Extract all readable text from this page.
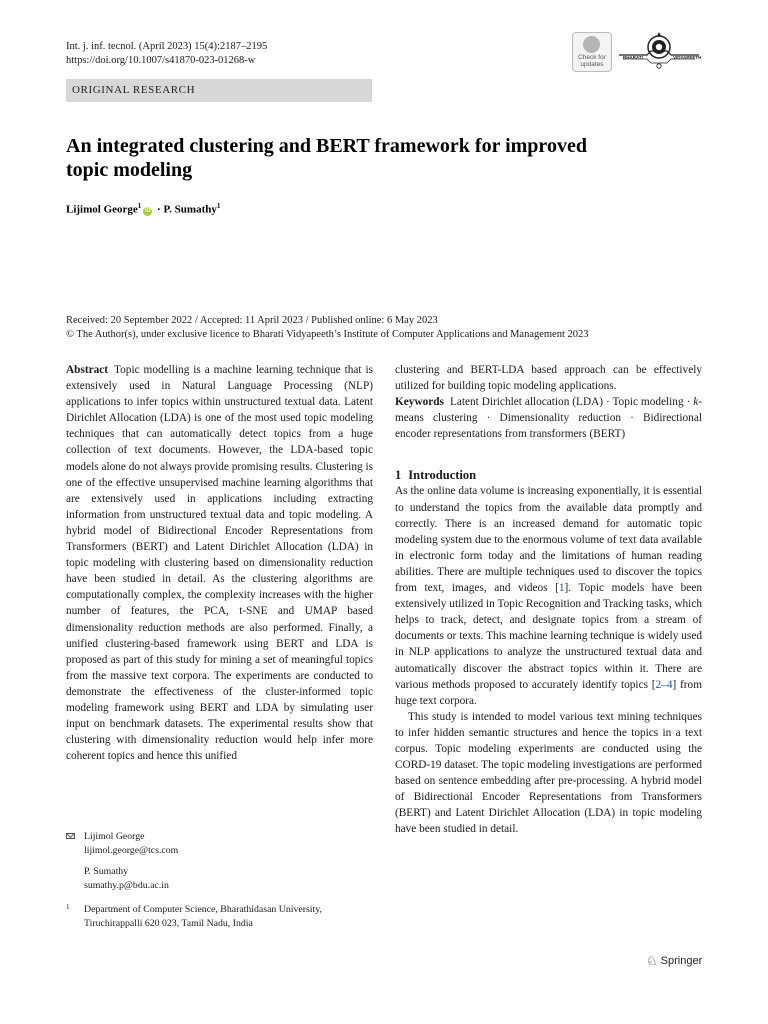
Int. j. inf. tecnol. (April 2023) 15(4):2187–2195
https://doi.org/10.1007/s41870-023-01268-w	Check for
updates
BHARATI	VIDYAPEETH
ORIGINAL RESEARCH
An integrated clustering and BERT framework for improved
topic modeling
Lijimol George$^1$iD · P. Sumathy$^1$
Received: 20 September 2022 / Accepted: 11 April 2023 / Published online: 6 May 2023
© The Author(s), under exclusive licence to Bharati Vidyapeeth’s Institute of Computer Applications and Management 2023

Abstract Topic modelling is a machine learning technique that is extensively used in Natural Language Processing (NLP) applications to infer topics within unstructured textual data. Latent Dirichlet Allocation (LDA) is one of the most used topic modeling techniques that can automatically detect topics from a huge collection of text documents. However, the LDA-based topic models alone do not always provide promising results. Clustering is one of the effective unsupervised machine learning algorithms that are extensively used in applications including extracting information from unstructured textual data and topic modeling. A hybrid model of Bidirectional Encoder Representations from Transformers (BERT) and Latent Dirichlet Allocation (LDA) in topic modeling with clustering based on dimensionality reduction have been studied in detail. As the clustering algorithms are computationally complex, the complexity increases with the higher number of features, the PCA, t-SNE and UMAP based dimensionality reduction methods are also performed. Finally, a unified clustering-based framework using BERT and LDA is proposed as part of this study for mining a set of meaningful topics from the massive text corpora. The experiments are conducted to demonstrate the effectiveness of the cluster-informed topic modeling framework using BERT and LDA by simulating user input on benchmark datasets. The experimental results show that clustering with dimensionality reduction would help infer more coherent topics and hence this unified

clustering and BERT-LDA based approach can be effectively utilized for building topic modeling applications.

Keywords Latent Dirichlet allocation (LDA) · Topic modeling · k-means clustering · Dimensionality reduction · Bidirectional encoder representations from transformers (BERT)

1 Introduction

As the online data volume is increasing exponentially, it is essential to understand the topics from the available data promptly and correctly. There is an increased demand for automatic topic modeling system due to the enormous volume of text data available in electronic form today and the limitations of human reading abilities. There are multiple techniques used to discover the topics from text, images, and videos [1]. Topic models have been extensively utilized in Topic Recognition and Tracking tasks, which helps to track, detect, and designate topics from a stream of documents or texts. This machine learning technique is widely used in NLP applications to analyze the unstructured textual data and automatically discover the abstract topics within it. There are various methods proposed to accurately identify topics [2–4] from huge text corpora.

This study is intended to model various text mining techniques to infer hidden semantic structures and hence the topics in a text corpus. Topic modeling experiments are conducted using the CORD-19 dataset. The topic modeling investigations are performed based on sentence embedding after pre-processing. A hybrid model of Bidirectional Encoder Representations from Transformers (BERT) and Latent Dirichlet Allocation (LDA) in topic modeling have been studied in detail.

Lijimol George
lijimol.george@tcs.com
P. Sumathy
sumathy.p@bdu.ac.in
1	Department of Computer Science, Bharathidasan University,
Tiruchirappalli 620 023, Tamil Nadu, India
♘ Springer
